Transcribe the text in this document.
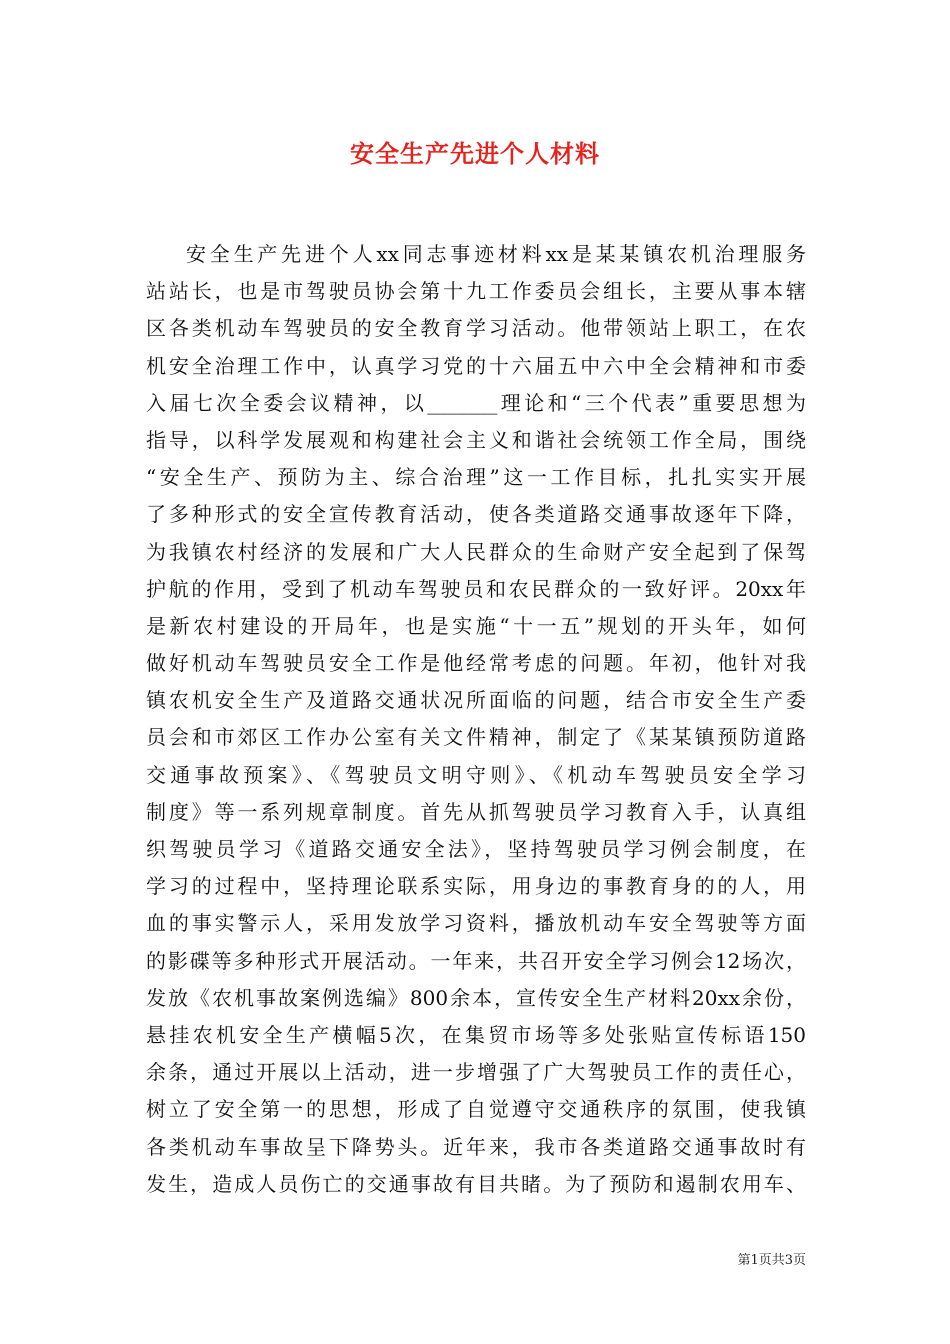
安全生产先进个人材料
安全生产先进个人xx同志事迹材料xx是某某镇农机治理服务
站站长，也是市驾驶员协会第十九工作委员会组长，主要从事本辖
区各类机动车驾驶员的安全教育学习活动。他带领站上职工，在农
机安全治理工作中，认真学习党的十六届五中六中全会精神和市委
入届七次全委会议精神，以_______理论和“三个代表”重要思想为
指导，以科学发展观和构建社会主义和谐社会统领工作全局，围绕
“安全生产、预防为主、综合治理”这一工作目标，扎扎实实开展
了多种形式的安全宣传教育活动，使各类道路交通事故逐年下降，
为我镇农村经济的发展和广大人民群众的生命财产安全起到了保驾
护航的作用，受到了机动车驾驶员和农民群众的一致好评。20xx年
是新农村建设的开局年，也是实施“十一五”规划的开头年，如何
做好机动车驾驶员安全工作是他经常考虑的问题。年初，他针对我
镇农机安全生产及道路交通状况所面临的问题，结合市安全生产委
员会和市郊区工作办公室有关文件精神，制定了《某某镇预防道路
交通事故预案》、《驾驶员文明守则》、《机动车驾驶员安全学习
制度》等一系列规章制度。首先从抓驾驶员学习教育入手，认真组
织驾驶员学习《道路交通安全法》，坚持驾驶员学习例会制度，在
学习的过程中，坚持理论联系实际，用身边的事教育身的的人，用
血的事实警示人，采用发放学习资料，播放机动车安全驾驶等方面
的影碟等多种形式开展活动。一年来，共召开安全学习例会12场次，
发放《农机事故案例选编》800余本，宣传安全生产材料20xx余份，
悬挂农机安全生产横幅5次，在集贸市场等多处张贴宣传标语150
余条，通过开展以上活动，进一步增强了广大驾驶员工作的责任心，
树立了安全第一的思想，形成了自觉遵守交通秩序的氛围，使我镇
各类机动车事故呈下降势头。近年来，我市各类道路交通事故时有
发生，造成人员伤亡的交通事故有目共睹。为了预防和遏制农用车、
第1页共3页
